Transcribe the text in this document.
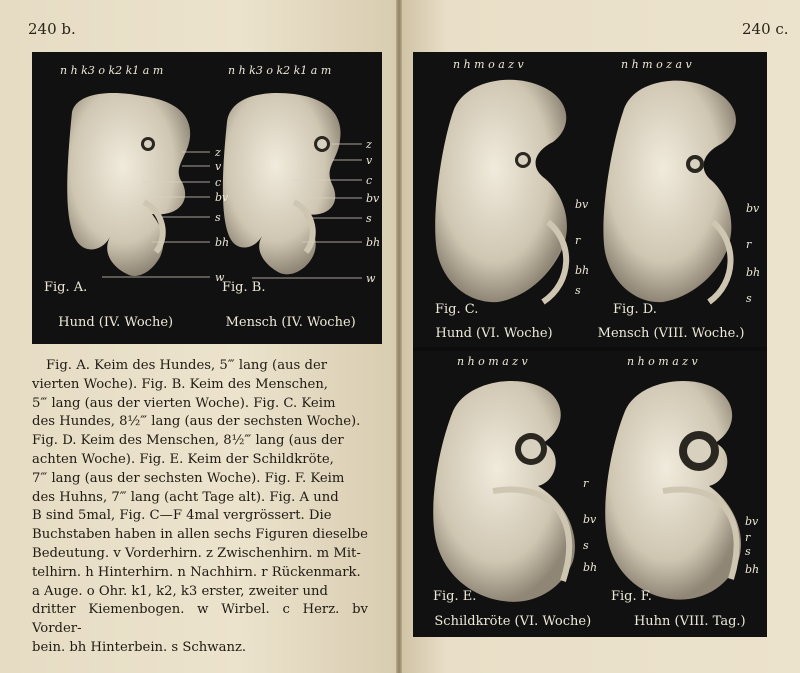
240 b.	240 c.
n h k3 o k2 k1 a m	n h k3 o k2 k1 a m
z
v
c
bv
s
bh
w
z
v
c
bv
s
bh
w
Fig. A.	Fig. B.
Hund (IV. Woche)	Mensch (IV. Woche)
n h m o a z v	n h m o z a v
bv
r
bh
s
bv
r
bh
s
Fig. C.	Fig. D.
Hund (VI. Woche)	Mensch (VIII. Woche.)
n h o m a z v	n h o m a z v
r
bv
s
bh
bv
r
s
bh
Fig. E.	Fig. F.
Schildkröte (VI. Woche)	Huhn (VIII. Tag.)
Fig. A. Keim des Hundes, 5‴ lang (aus der
vierten Woche). Fig. B. Keim des Menschen,
5‴ lang (aus der vierten Woche). Fig. C. Keim
des Hundes, 8½‴ lang (aus der sechsten Woche).
Fig. D. Keim des Menschen, 8½‴ lang (aus der
achten Woche). Fig. E. Keim der Schildkröte,
7‴ lang (aus der sechsten Woche). Fig. F. Keim
des Huhns, 7‴ lang (acht Tage alt). Fig. A und
B sind 5mal, Fig. C—F 4mal vergrössert. Die
Buchstaben haben in allen sechs Figuren dieselbe
Bedeutung. v Vorderhirn. z Zwischenhirn. m Mit-
telhirn. h Hinterhirn. n Nachhirn. r Rückenmark.
a Auge. o Ohr. k1, k2, k3 erster, zweiter und
dritter Kiemenbogen. w Wirbel. c Herz. bv Vorder-
bein. bh Hinterbein. s Schwanz.
